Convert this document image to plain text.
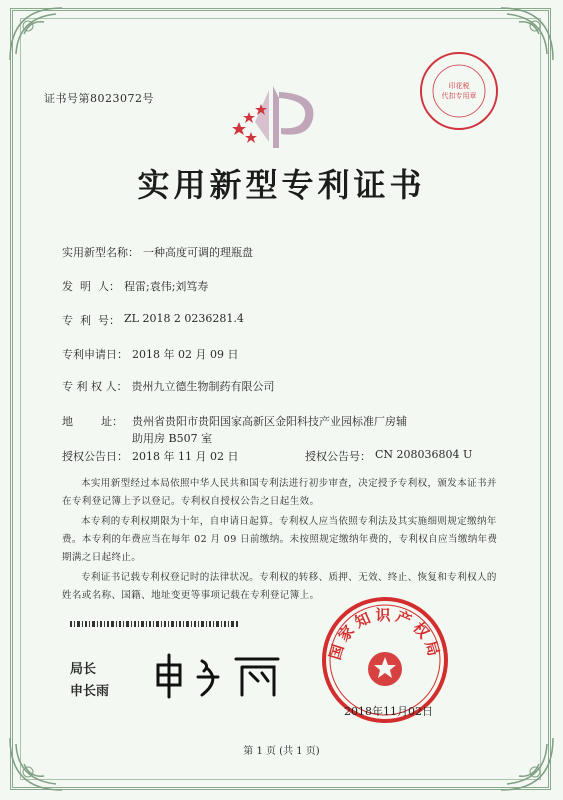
证书号第8023072号
印花税
代扣专用章
实用新型专利证书
实用新型名称： 一种高度可调的理瓶盘
发  明  人： 程雷;袁伟;刘笃寿
专  利  号： ZL 2018 2 0236281.4
专利申请日： 2018 年 02 月 09 日
专 利 权 人： 贵州九立德生物制药有限公司
地        址： 贵州省贵阳市贵阳国家高新区金阳科技产业园标准厂房辅
助用房 B507 室
授权公告日： 2018 年 11 月 02 日	授权公告号： CN 208036804 U
本实用新型经过本局依照中华人民共和国专利法进行初步审查，决定授予专利权，颁发本证书并在专利登记簿上予以登记。专利权自授权公告之日起生效。
本专利的专利权期限为十年，自申请日起算。专利权人应当依照专利法及其实施细则规定缴纳年费。本专利的年费应当在每年 02 月 09 日前缴纳。未按照规定缴纳年费的，专利权自应当缴纳年费期满之日起终止。
专利证书记载专利权登记时的法律状况。专利权的转移、质押、无效、终止、恢复和专利权人的姓名或名称、国籍、地址变更等事项记载在专利登记簿上。
局长
申长雨
国家知识产权局
2018年11月02日
第 1 页 (共 1 页)
